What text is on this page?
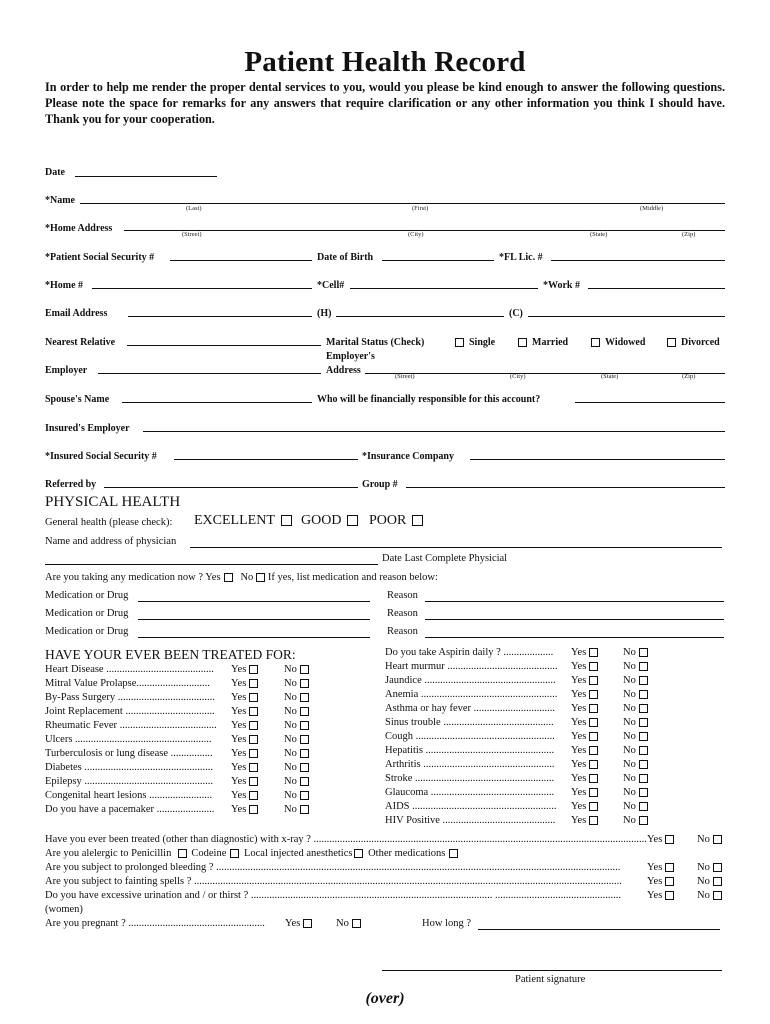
Patient Health Record
In order to help me render the proper dental services to you, would you please be kind enough to answer the following questions. Please note the space for remarks for any answers that require clarification or any other information you think I should have. Thank you for your cooperation.
Date
*Name
(Last)	(First)	(Middle)
*Home Address
(Street)	(City)	(State)	(Zip)
*Patient Social Security #	Date of Birth	*FL Lic. #
*Home #	*Cell#	*Work #
Email Address	(H)	(C)
Nearest Relative	Marital Status (Check)	Single	Married	Widowed	Divorced
Employer's
Employer	Address
(Street)	(City)	(State)	(Zip)
Spouse's Name	Who will be financially responsible for this account?
Insured's Employer
*Insured Social Security #	*Insurance Company
Referred by	Group #
PHYSICAL HEALTH
General health (please check): EXCELLENT	GOOD	POOR
Name and address of physician
Date Last Complete Physicial
Are you taking any medication now ? Yes No If yes, list medication and reason below:
Medication or Drug	Reason
Medication or Drug	Reason
Medication or Drug	Reason
HAVE YOUR EVER BEEN TREATED FOR:
Heart Disease .........................................	Yes	No
Mitral Value Prolapse............................	Yes	No
By-Pass Surgery .....................................	Yes	No
Joint Replacement ..................................	Yes	No
Rheumatic Fever .....................................	Yes	No
Ulcers ....................................................	Yes	No
Turberculosis or lung disease ................	Yes	No
Diabetes .................................................	Yes	No
Epilepsy .................................................	Yes	No
Congenital heart lesions ........................	Yes	No
Do you have a pacemaker ......................	Yes	No
Do you take Aspirin daily ? ...................	Yes	No
Heart murmur ..........................................	Yes	No
Jaundice ..................................................	Yes	No
Anemia ....................................................	Yes	No
Asthma or hay fever ...............................	Yes	No
Sinus trouble ..........................................	Yes	No
Cough .....................................................	Yes	No
Hepatitis .................................................	Yes	No
Arthritis ..................................................	Yes	No
Stroke .....................................................	Yes	No
Glaucoma ...............................................	Yes	No
AIDS .......................................................	Yes	No
HIV Positive ...........................................	Yes	No
Have you ever been treated (other than diagnostic) with x-ray ? ............................................................................................................................... Yes	No
Are you alelergic to Penicillin Codeine Local injected anesthetics Other medications
Are you subject to prolonged bleeding ? ..........................................................................................................................................................	Yes	No
Are you subject to fainting spells ? ...................................................................................................................................................................	Yes	No
Do you have excessive urination and / or thirst ? ............................................................................................ ................................................	Yes	No
(women)
Are you pregnant ? .................................................... Yes	No	How long ?
Patient signature
(over)
